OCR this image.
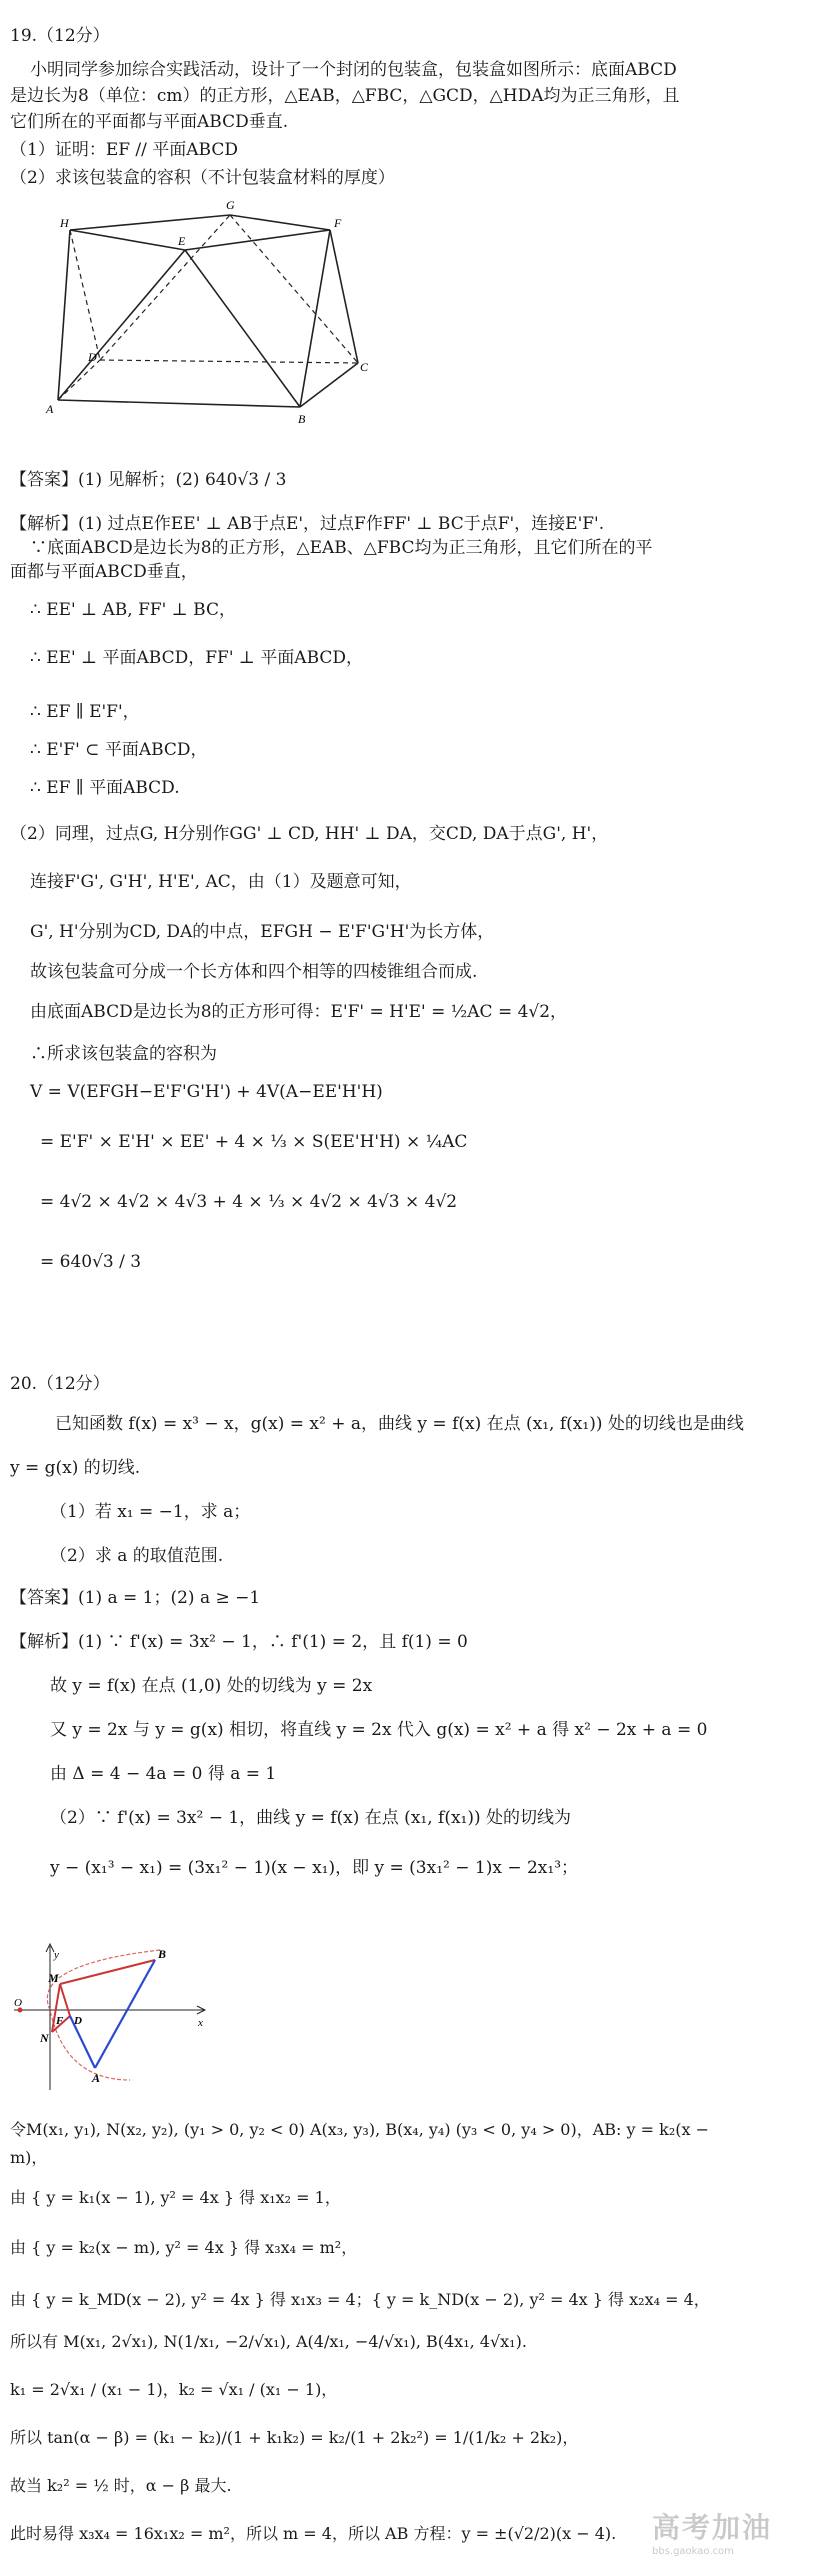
19.（12分）
小明同学参加综合实践活动，设计了一个封闭的包装盒，包装盒如图所示：底面ABCD
是边长为8（单位：cm）的正方形，△EAB，△FBC，△GCD，△HDA均为正三角形，且
它们所在的平面都与平面ABCD垂直.
（1）证明：EF // 平面ABCD
（2）求该包装盒的容积（不计包装盒材料的厚度）
A
B
C
D
E
F
G
H
【答案】(1) 见解析；(2) 640√3 / 3
【解析】(1) 过点E作EE' ⊥ AB于点E'，过点F作FF' ⊥ BC于点F'，连接E'F'.
∵底面ABCD是边长为8的正方形，△EAB、△FBC均为正三角形，且它们所在的平
面都与平面ABCD垂直，
∴ EE' ⊥ AB, FF' ⊥ BC，
∴ EE' ⊥ 平面ABCD，FF' ⊥ 平面ABCD，
∴ EF ∥ E'F'，
∴ E'F' ⊂ 平面ABCD，
∴ EF ∥ 平面ABCD.
（2）同理，过点G, H分别作GG' ⊥ CD, HH' ⊥ DA，交CD, DA于点G', H'，
连接F'G', G'H', H'E', AC，由（1）及题意可知，
G', H'分别为CD, DA的中点，EFGH − E'F'G'H'为长方体，
故该包装盒可分成一个长方体和四个相等的四棱锥组合而成.
由底面ABCD是边长为8的正方形可得：E'F' = H'E' = ½AC = 4√2，
∴所求该包装盒的容积为
V = V(EFGH−E'F'G'H') + 4V(A−EE'H'H)
= E'F' × E'H' × EE' + 4 × ⅓ × S(EE'H'H) × ¼AC
= 4√2 × 4√2 × 4√3 + 4 × ⅓ × 4√2 × 4√3 × 4√2
= 640√3 / 3
20.（12分）
已知函数 f(x) = x³ − x，g(x) = x² + a，曲线 y = f(x) 在点 (x₁, f(x₁)) 处的切线也是曲线
y = g(x) 的切线.
（1）若 x₁ = −1，求 a；
（2）求 a 的取值范围.
【答案】(1) a = 1；(2) a ≥ −1
【解析】(1) ∵ f'(x) = 3x² − 1，∴ f'(1) = 2，且 f(1) = 0
故 y = f(x) 在点 (1,0) 处的切线为 y = 2x
又 y = 2x 与 y = g(x) 相切，将直线 y = 2x 代入 g(x) = x² + a 得 x² − 2x + a = 0
由 Δ = 4 − 4a = 0 得 a = 1
（2）∵ f'(x) = 3x² − 1，曲线 y = f(x) 在点 (x₁, f(x₁)) 处的切线为
y − (x₁³ − x₁) = (3x₁² − 1)(x − x₁)，即 y = (3x₁² − 1)x − 2x₁³；
y
x
O
B
M
N
F D
A
令M(x₁, y₁), N(x₂, y₂), (y₁ > 0, y₂ < 0) A(x₃, y₃), B(x₄, y₄) (y₃ < 0, y₄ > 0)，AB: y = k₂(x −
m)，
由 { y = k₁(x − 1), y² = 4x } 得 x₁x₂ = 1，
由 { y = k₂(x − m), y² = 4x } 得 x₃x₄ = m²，
由 { y = k_MD(x − 2), y² = 4x } 得 x₁x₃ = 4；{ y = k_ND(x − 2), y² = 4x } 得 x₂x₄ = 4，
所以有 M(x₁, 2√x₁), N(1/x₁, −2/√x₁), A(4/x₁, −4/√x₁), B(4x₁, 4√x₁).
k₁ = 2√x₁ / (x₁ − 1)，k₂ = √x₁ / (x₁ − 1)，
所以 tan(α − β) = (k₁ − k₂)/(1 + k₁k₂) = k₂/(1 + 2k₂²) = 1/(1/k₂ + 2k₂)，
故当 k₂² = ½ 时，α − β 最大.
此时易得 x₃x₄ = 16x₁x₂ = m²，所以 m = 4，所以 AB 方程：y = ±(√2/2)(x − 4). 高考加油
bbs.gaokao.com
